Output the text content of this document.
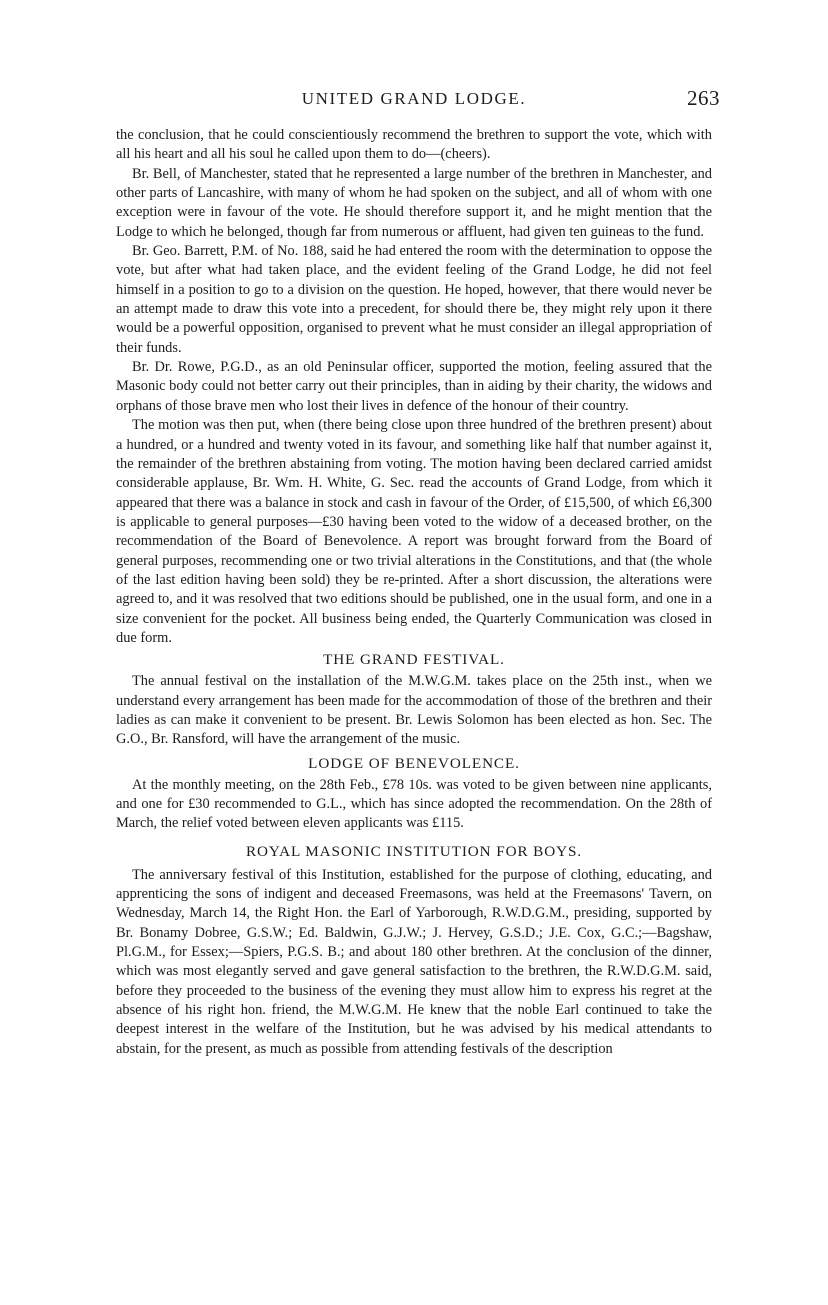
UNITED GRAND LODGE.	263

the conclusion, that he could conscientiously recommend the brethren to support the vote, which with all his heart and all his soul he called upon them to do—(cheers).

Br. Bell, of Manchester, stated that he represented a large number of the brethren in Manchester, and other parts of Lancashire, with many of whom he had spoken on the subject, and all of whom with one exception were in favour of the vote. He should therefore support it, and he might mention that the Lodge to which he belonged, though far from numerous or affluent, had given ten guineas to the fund.

Br. Geo. Barrett, P.M. of No. 188, said he had entered the room with the determination to oppose the vote, but after what had taken place, and the evident feeling of the Grand Lodge, he did not feel himself in a position to go to a division on the question. He hoped, however, that there would never be an attempt made to draw this vote into a precedent, for should there be, they might rely upon it there would be a powerful opposition, organised to prevent what he must consider an illegal appropriation of their funds.

Br. Dr. Rowe, P.G.D., as an old Peninsular officer, supported the motion, feeling assured that the Masonic body could not better carry out their principles, than in aiding by their charity, the widows and orphans of those brave men who lost their lives in defence of the honour of their country.

The motion was then put, when (there being close upon three hundred of the brethren present) about a hundred, or a hundred and twenty voted in its favour, and something like half that number against it, the remainder of the brethren abstaining from voting. The motion having been declared carried amidst considerable applause, Br. Wm. H. White, G. Sec. read the accounts of Grand Lodge, from which it appeared that there was a balance in stock and cash in favour of the Order, of £15,500, of which £6,300 is applicable to general purposes—£30 having been voted to the widow of a deceased brother, on the recommendation of the Board of Benevolence. A report was brought forward from the Board of general purposes, recommending one or two trivial alterations in the Constitutions, and that (the whole of the last edition having been sold) they be re-printed. After a short discussion, the alterations were agreed to, and it was resolved that two editions should be published, one in the usual form, and one in a size convenient for the pocket. All business being ended, the Quarterly Communication was closed in due form.

THE GRAND FESTIVAL.

The annual festival on the installation of the M.W.G.M. takes place on the 25th inst., when we understand every arrangement has been made for the accommodation of those of the brethren and their ladies as can make it convenient to be present. Br. Lewis Solomon has been elected as hon. Sec. The G.O., Br. Ransford, will have the arrangement of the music.

LODGE OF BENEVOLENCE.

At the monthly meeting, on the 28th Feb., £78 10s. was voted to be given between nine applicants, and one for £30 recommended to G.L., which has since adopted the recommendation. On the 28th of March, the relief voted between eleven applicants was £115.

ROYAL MASONIC INSTITUTION FOR BOYS.

The anniversary festival of this Institution, established for the purpose of clothing, educating, and apprenticing the sons of indigent and deceased Freemasons, was held at the Freemasons' Tavern, on Wednesday, March 14, the Right Hon. the Earl of Yarborough, R.W.D.G.M., presiding, supported by Br. Bonamy Dobree, G.S.W.; Ed. Baldwin, G.J.W.; J. Hervey, G.S.D.; J.E. Cox, G.C.;—Bagshaw, Pl.G.M., for Essex;—Spiers, P.G.S. B.; and about 180 other brethren. At the conclusion of the dinner, which was most elegantly served and gave general satisfaction to the brethren, the R.W.D.G.M. said, before they proceeded to the business of the evening they must allow him to express his regret at the absence of his right hon. friend, the M.W.G.M. He knew that the noble Earl continued to take the deepest interest in the welfare of the Institution, but he was advised by his medical attendants to abstain, for the present, as much as possible from attending festivals of the description
